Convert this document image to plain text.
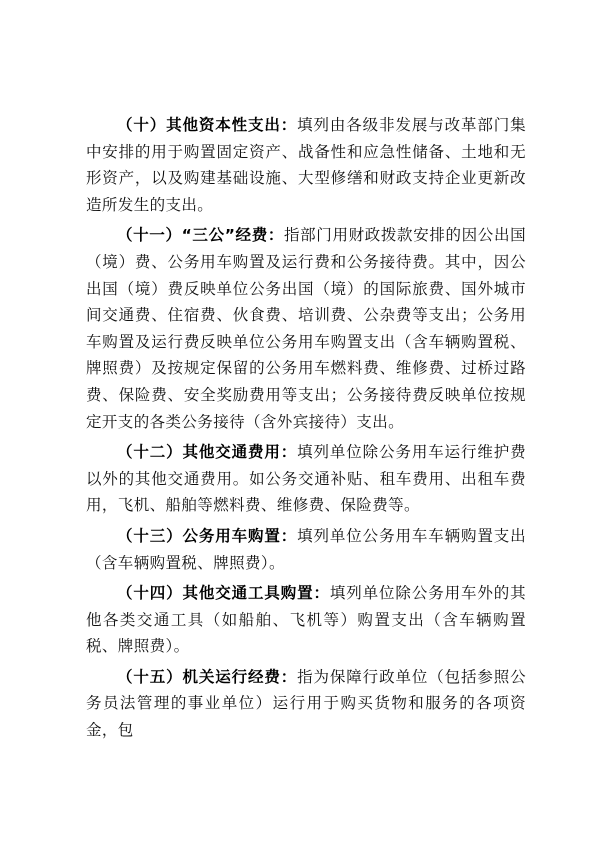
（十）其他资本性支出：填列由各级非发展与改革部门集中安排的用于购置固定资产、战备性和应急性储备、土地和无形资产，以及购建基础设施、大型修缮和财政支持企业更新改造所发生的支出。

（十一）“三公”经费：指部门用财政拨款安排的因公出国（境）费、公务用车购置及运行费和公务接待费。其中，因公出国（境）费反映单位公务出国（境）的国际旅费、国外城市间交通费、住宿费、伙食费、培训费、公杂费等支出；公务用车购置及运行费反映单位公务用车购置支出（含车辆购置税、牌照费）及按规定保留的公务用车燃料费、维修费、过桥过路费、保险费、安全奖励费用等支出；公务接待费反映单位按规定开支的各类公务接待（含外宾接待）支出。

（十二）其他交通费用：填列单位除公务用车运行维护费以外的其他交通费用。如公务交通补贴、租车费用、出租车费用，飞机、船舶等燃料费、维修费、保险费等。

（十三）公务用车购置：填列单位公务用车车辆购置支出（含车辆购置税、牌照费）。

（十四）其他交通工具购置：填列单位除公务用车外的其他各类交通工具（如船舶、飞机等）购置支出（含车辆购置税、牌照费）。

（十五）机关运行经费：指为保障行政单位（包括参照公务员法管理的事业单位）运行用于购买货物和服务的各项资金，包
